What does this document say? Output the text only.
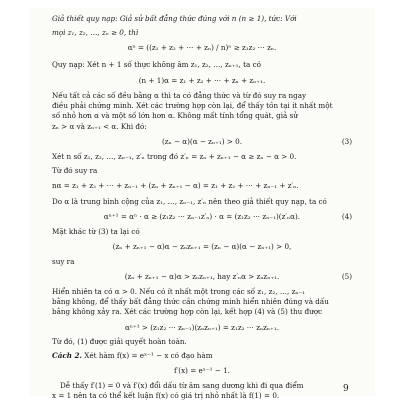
Giả thiết quy nạp: Giả sử bất đẳng thức đúng với n (n ≥ 1), tức: Với
mọi z₁, z₂, …, zₙ ≥ 0, thì
αⁿ = ((z₁ + z₂ + ⋯ + zₙ) / n)ⁿ ≥ z₁z₂ ⋯ zₙ.
Quy nạp: Xét n + 1 số thực không âm z₁, z₂, …, zₙ₊₁, ta có
(n + 1)α = z₁ + z₂ + ⋯ + zₙ + zₙ₊₁.
Nếu tất cả các số đều bằng α thì ta có đẳng thức và từ đó suy ra ngay
điều phải chứng minh. Xét các trường hợp còn lại, để thấy tồn tại ít nhất một
số nhỏ hơn α và một số lớn hơn α. Không mất tính tổng quát, giả sử
zₙ > α và zₙ₊₁ < α. Khi đó:
(zₙ − α)(α − zₙ₊₁) > 0.	(3)
Xét n số z₁, z₂, …, zₙ₋₁, z′ₙ trong đó z′ₙ = zₙ + zₙ₊₁ − α ≥ zₙ − α > 0.
Từ đó suy ra
nα = z₁ + z₂ + ⋯ + zₙ₋₁ + (zₙ + zₙ₊₁ − α) = z₁ + z₂ + ⋯ + zₙ₋₁ + z′ₙ.
Do α là trung bình cộng của z₁, …, zₙ₋₁, z′ₙ nên theo giả thiết quy nạp, ta có
αⁿ⁺¹ = αⁿ · α ≥ (z₁z₂ ⋯ zₙ₋₁z′ₙ) · α = (z₁z₂ ⋯ zₙ₋₁)(z′ₙα).	(4)
Mặt khác từ (3) ta lại có
(zₙ + zₙ₊₁ − α)α − zₙzₙ₊₁ = (zₙ − α)(α − zₙ₊₁) > 0,
suy ra
(zₙ + zₙ₊₁ − α)α > zₙzₙ₊₁, hay z′ₙα > zₙzₙ₊₁.	(5)
Hiển nhiên ta có α > 0. Nếu có ít nhất một trong các số z₁, z₂, …, zₙ₋₁
bằng không, để thấy bất đẳng thức cần chứng minh hiển nhiên đúng và dấu
bằng không xảy ra. Xét các trường hợp còn lại, kết hợp (4) và (5) thu được
αⁿ⁺¹ > (z₁z₂ ⋯ zₙ₋₁)(zₙzₙ₊₁) = z₁z₂ ⋯ zₙzₙ₊₁.
Từ đó, (1) được giải quyết hoàn toàn.
Cách 2. Xét hàm f(x) = eˣ⁻¹ − x có đạo hàm
f′(x) = eˣ⁻¹ − 1.
Dễ thấy f′(1) = 0 và f′(x) đổi dấu từ âm sang dương khi đi qua điểm
x = 1 nên ta có thể kết luận f(x) có giá trị nhỏ nhất là f(1) = 0.
9
